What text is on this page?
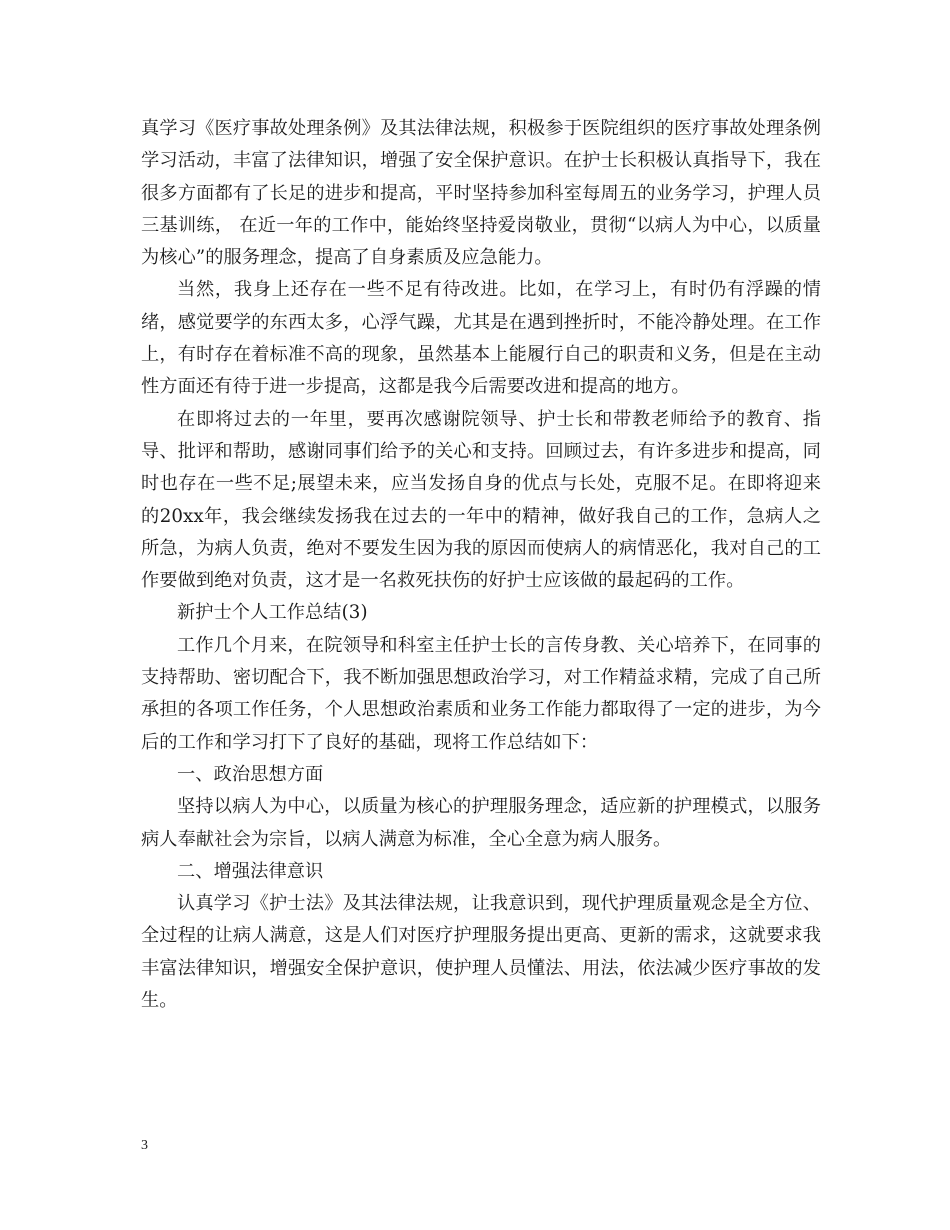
真学习《医疗事故处理条例》及其法律法规，积极参于医院组织的医疗事故处理条例学习活动，丰富了法律知识，增强了安全保护意识。在护士长积极认真指导下，我在很多方面都有了长足的进步和提高，平时坚持参加科室每周五的业务学习，护理人员三基训练， 在近一年的工作中，能始终坚持爱岗敬业，贯彻“以病人为中心，以质量为核心”的服务理念，提高了自身素质及应急能力。

当然，我身上还存在一些不足有待改进。比如，在学习上，有时仍有浮躁的情绪，感觉要学的东西太多，心浮气躁，尤其是在遇到挫折时，不能冷静处理。在工作上，有时存在着标准不高的现象，虽然基本上能履行自己的职责和义务，但是在主动性方面还有待于进一步提高，这都是我今后需要改进和提高的地方。

在即将过去的一年里，要再次感谢院领导、护士长和带教老师给予的教育、指导、批评和帮助，感谢同事们给予的关心和支持。回顾过去，有许多进步和提高，同时也存在一些不足;展望未来，应当发扬自身的优点与长处，克服不足。在即将迎来的20xx年，我会继续发扬我在过去的一年中的精神，做好我自己的工作，急病人之所急，为病人负责，绝对不要发生因为我的原因而使病人的病情恶化，我对自己的工作要做到绝对负责，这才是一名救死扶伤的好护士应该做的最起码的工作。

新护士个人工作总结(3)

工作几个月来，在院领导和科室主任护士长的言传身教、关心培养下，在同事的支持帮助、密切配合下，我不断加强思想政治学习，对工作精益求精，完成了自己所承担的各项工作任务，个人思想政治素质和业务工作能力都取得了一定的进步，为今后的工作和学习打下了良好的基础，现将工作总结如下：

一、政治思想方面

坚持以病人为中心，以质量为核心的护理服务理念，适应新的护理模式，以服务病人奉献社会为宗旨，以病人满意为标准，全心全意为病人服务。

二、增强法律意识

认真学习《护士法》及其法律法规，让我意识到，现代护理质量观念是全方位、全过程的让病人满意，这是人们对医疗护理服务提出更高、更新的需求，这就要求我丰富法律知识，增强安全保护意识，使护理人员懂法、用法，依法减少医疗事故的发生。

3
